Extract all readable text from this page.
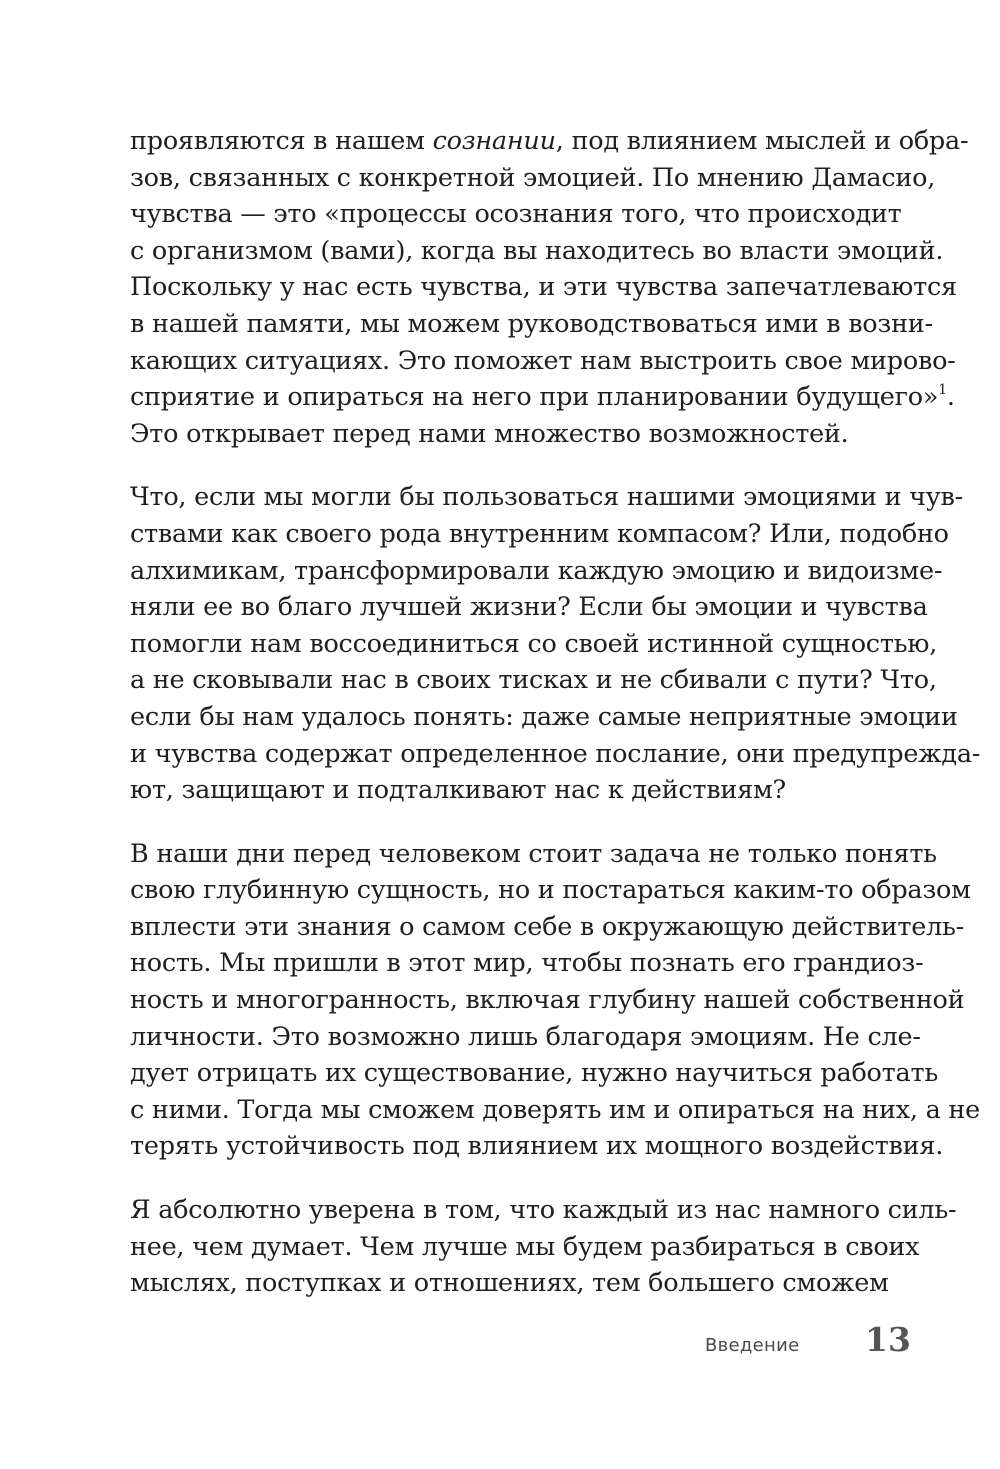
проявляются в нашем сознании, под влиянием мыслей и обра-
зов, связанных с конкретной эмоцией. По мнению Дамасио,
чувства — это «процессы осознания того, что происходит
с организмом (вами), когда вы находитесь во власти эмоций.
Поскольку у нас есть чувства, и эти чувства запечатлеваются
в нашей памяти, мы можем руководствоваться ими в возни-
кающих ситуациях. Это поможет нам выстроить свое мирово-
сприятие и опираться на него при планировании будущего»$^1$.
Это открывает перед нами множество возможностей.

Что, если мы могли бы пользоваться нашими эмоциями и чув-
ствами как своего рода внутренним компасом? Или, подобно
алхимикам, трансформировали каждую эмоцию и видоизме-
няли ее во благо лучшей жизни? Если бы эмоции и чувства
помогли нам воссоединиться со своей истинной сущностью,
а не сковывали нас в своих тисках и не сбивали с пути? Что,
если бы нам удалось понять: даже самые неприятные эмоции
и чувства содержат определенное послание, они предупрежда-
ют, защищают и подталкивают нас к действиям?

В наши дни перед человеком стоит задача не только понять
свою глубинную сущность, но и постараться каким-то образом
вплести эти знания о самом себе в окружающую действитель-
ность. Мы пришли в этот мир, чтобы познать его грандиоз-
ность и многогранность, включая глубину нашей собственной
личности. Это возможно лишь благодаря эмоциям. Не сле-
дует отрицать их существование, нужно научиться работать
с ними. Тогда мы сможем доверять им и опираться на них, а не
терять устойчивость под влиянием их мощного воздействия.

Я абсолютно уверена в том, что каждый из нас намного силь-
нее, чем думает. Чем лучше мы будем разбираться в своих
мыслях, поступках и отношениях, тем большего сможем

Введение 13
